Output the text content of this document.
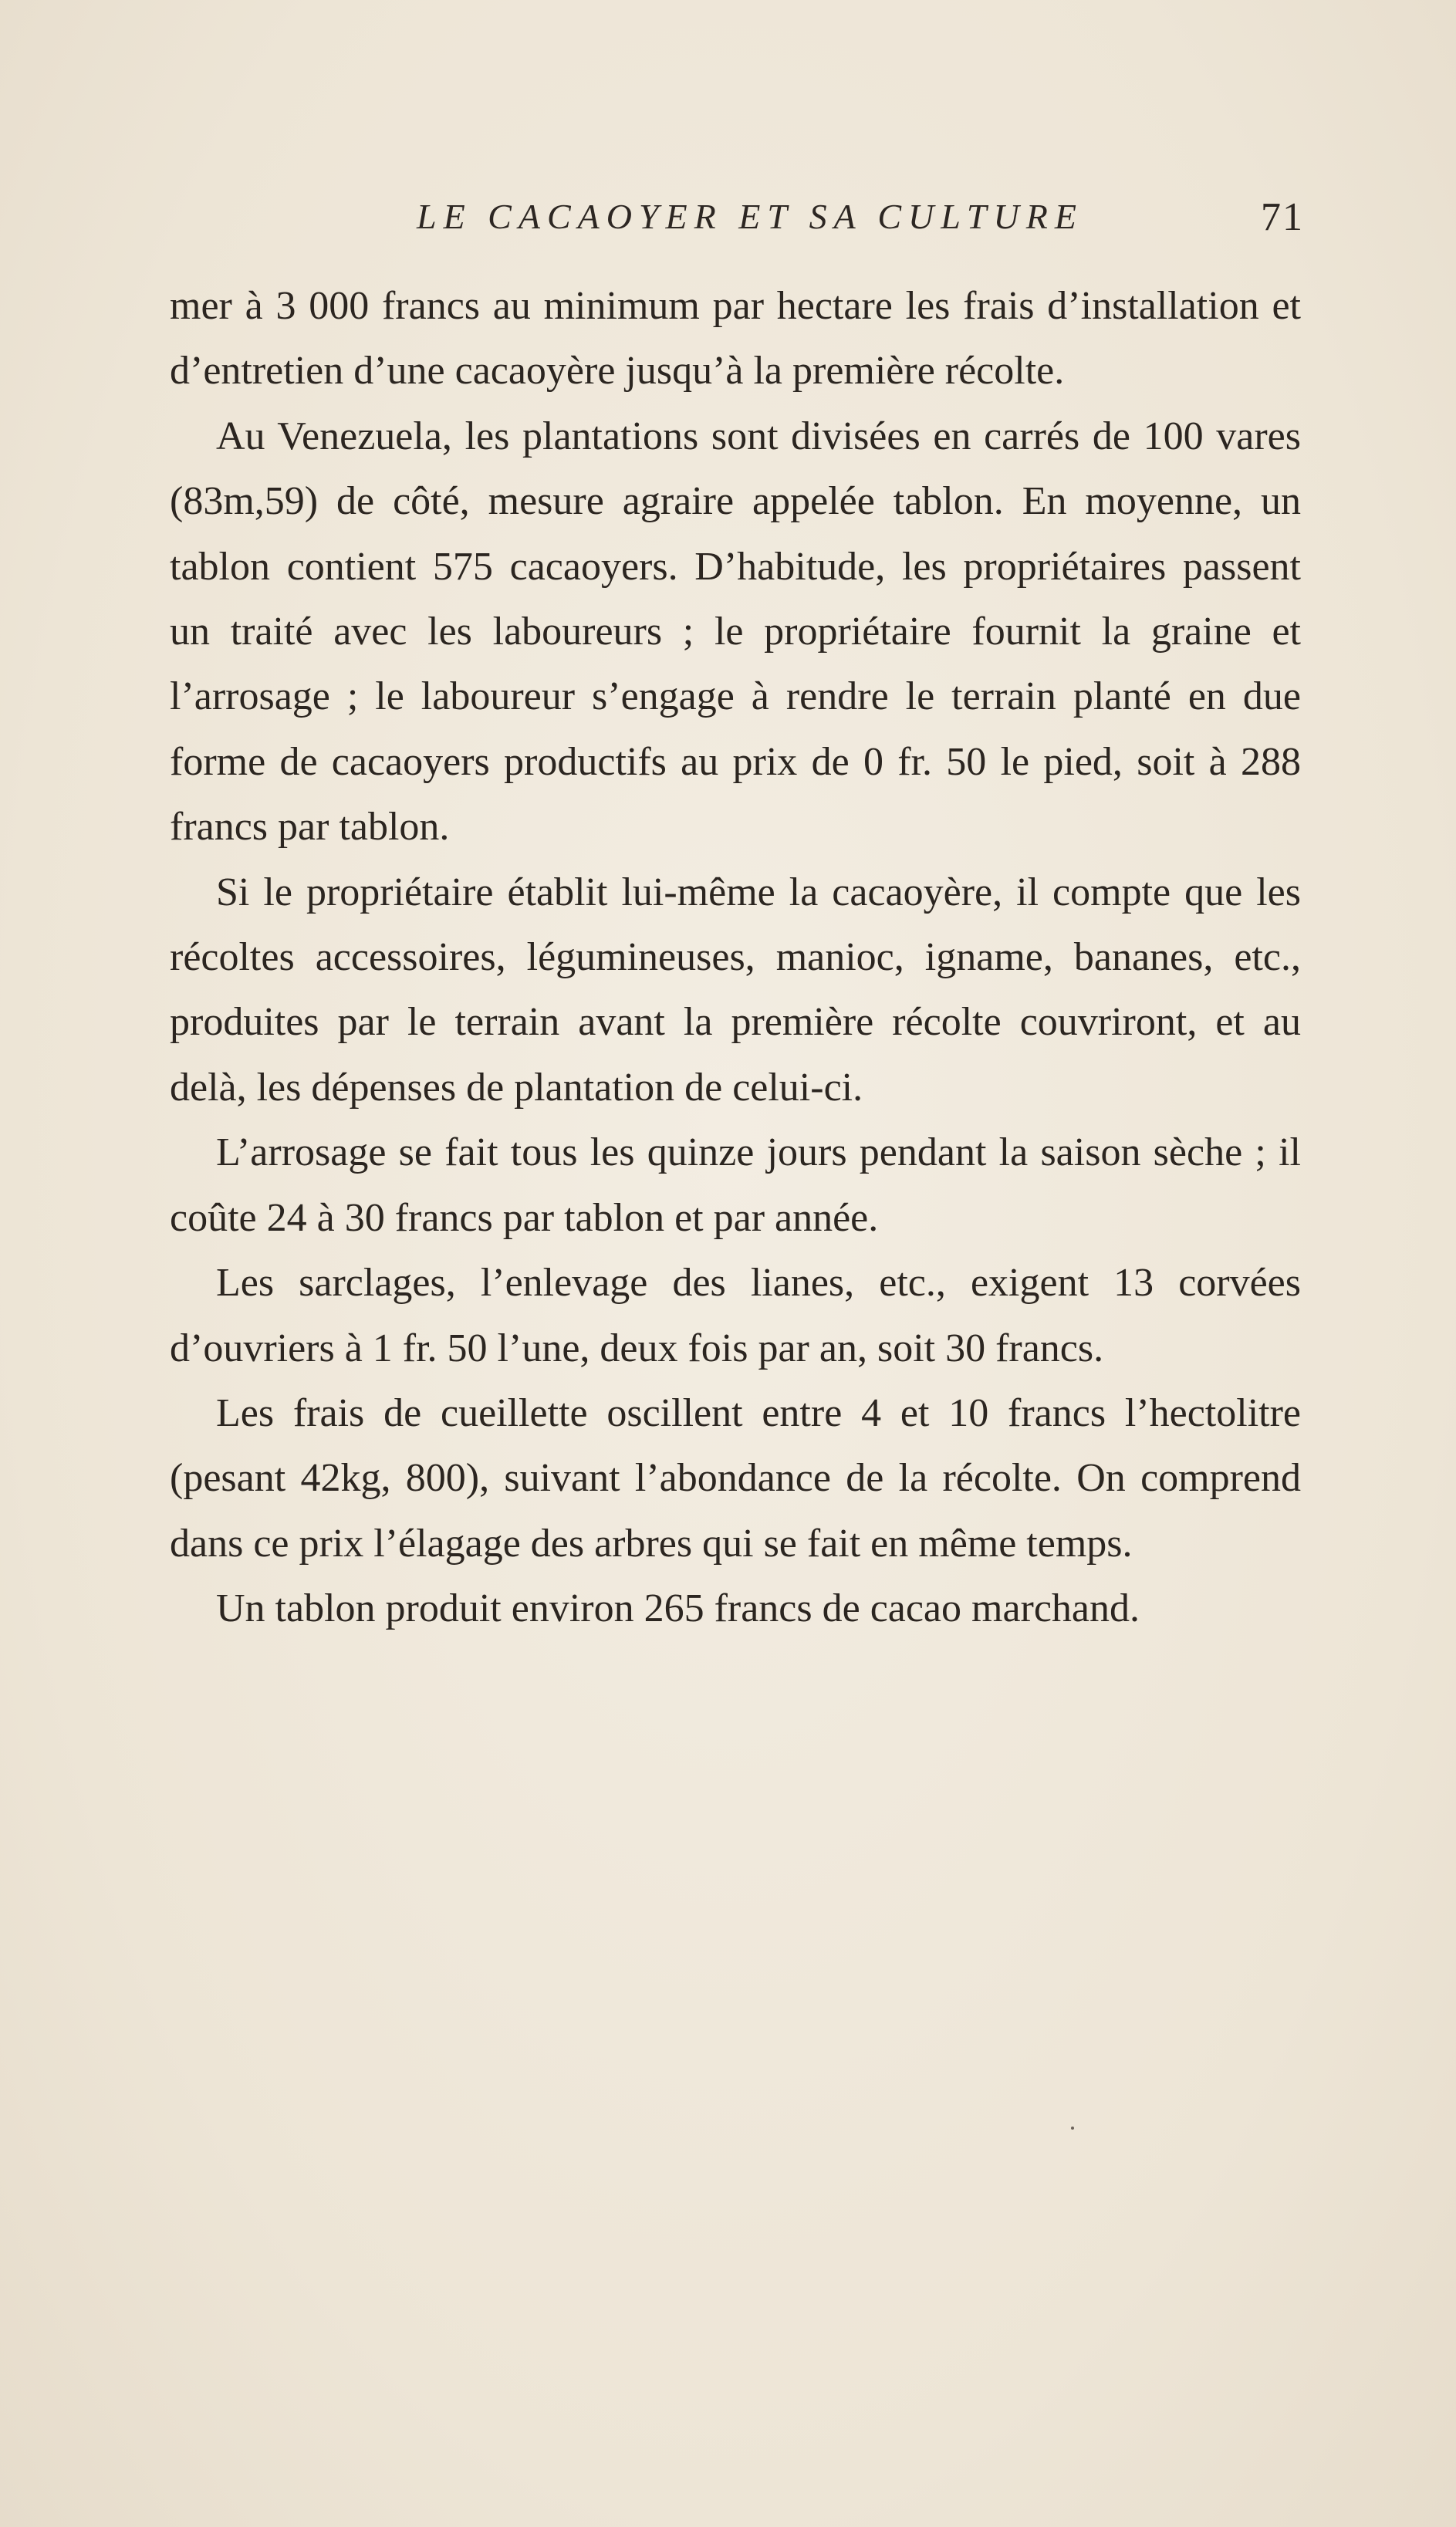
LE CACAOYER ET SA CULTURE	71

mer à 3 000 francs au minimum par hectare les frais d’installation et d’entretien d’une cacaoyère jusqu’à la première récolte.

Au Venezuela, les plantations sont divisées en carrés de 100 vares (83m,59) de côté, mesure agraire appelée tablon. En moyenne, un tablon contient 575 cacaoyers. D’habitude, les propriétaires passent un traité avec les laboureurs ; le propriétaire fournit la graine et l’arrosage ; le laboureur s’engage à rendre le terrain planté en due forme de cacaoyers productifs au prix de 0 fr. 50 le pied, soit à 288 francs par tablon.

Si le propriétaire établit lui-même la cacaoyère, il compte que les récoltes accessoires, légumineuses, manioc, igname, bananes, etc., produites par le terrain avant la première récolte couvriront, et au delà, les dépenses de plantation de celui-ci.

L’arrosage se fait tous les quinze jours pendant la saison sèche ; il coûte 24 à 30 francs par tablon et par année.

Les sarclages, l’enlevage des lianes, etc., exigent 13 corvées d’ouvriers à 1 fr. 50 l’une, deux fois par an, soit 30 francs.

Les frais de cueillette oscillent entre 4 et 10 francs l’hectolitre (pesant 42kg, 800), suivant l’abondance de la récolte. On comprend dans ce prix l’élagage des arbres qui se fait en même temps.

Un tablon produit environ 265 francs de cacao marchand.
